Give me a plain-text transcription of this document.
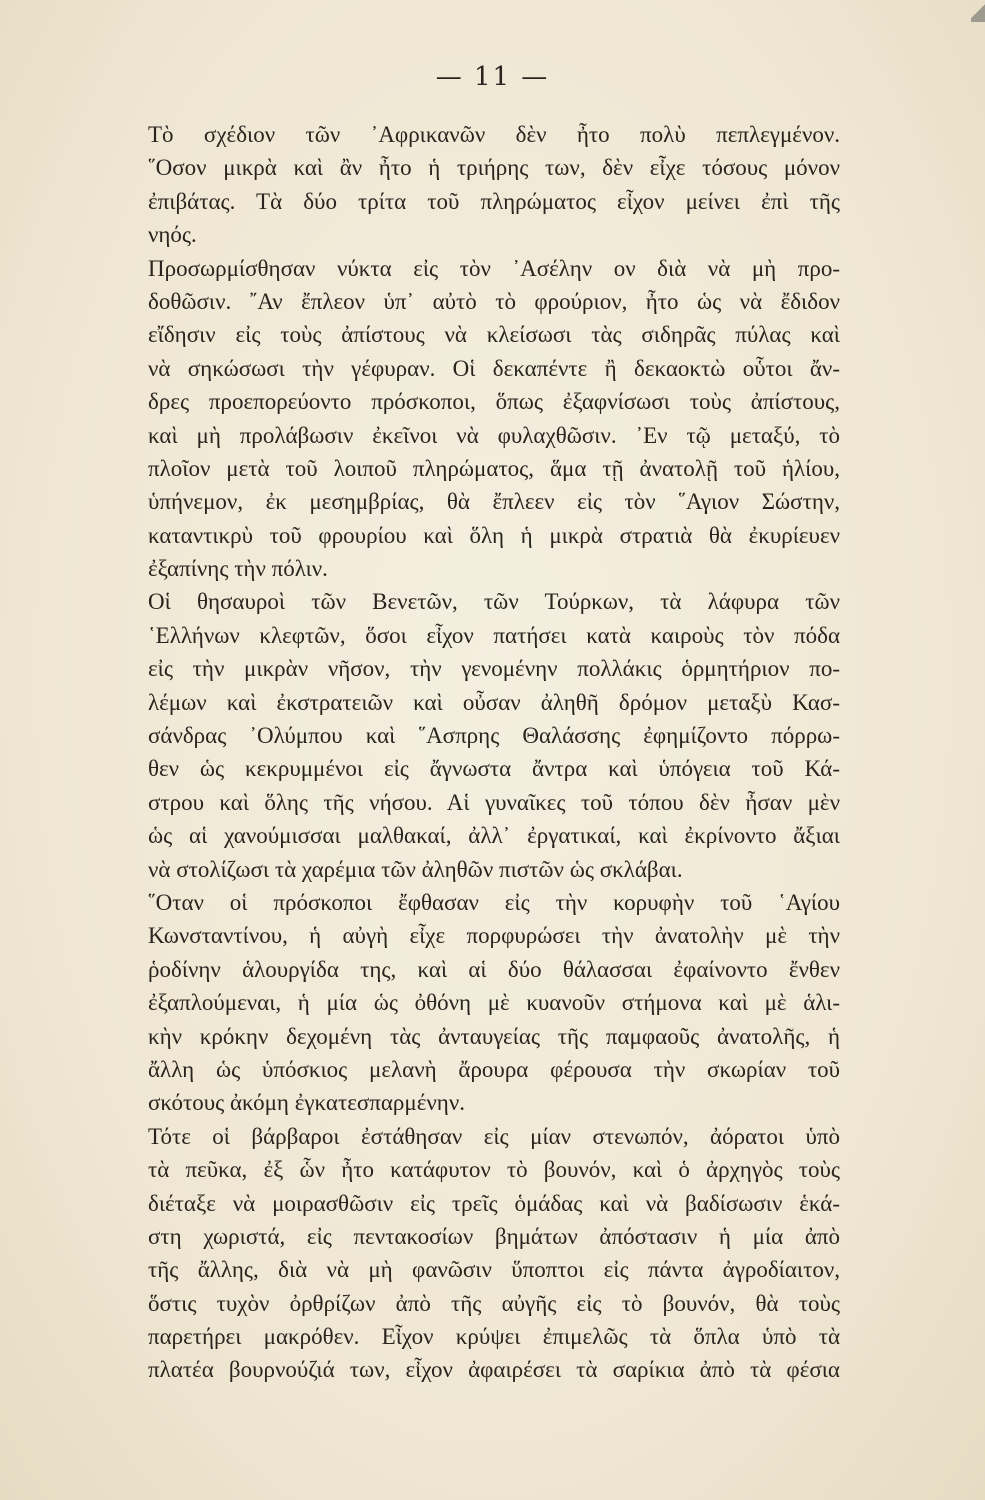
— 11 —
Τὸ σχέδιον τῶν ᾿Αφρικανῶν δὲν ἦτο πολὺ πεπλεγμένον.
῞Οσον μικρὰ καὶ ἂν ἦτο ἡ τριήρης των, δὲν εἶχε τόσους μόνον
ἐπιβάτας. Τὰ δύο τρίτα τοῦ πληρώματος εἶχον μείνει ἐπὶ τῆς
νηός.
Προσωρμίσθησαν νύκτα εἰς τὸν ᾿Ασέλην ον διὰ νὰ μὴ προ-
δοθῶσιν. ῎Αν ἔπλεον ὑπ᾿ αὐτὸ τὸ φρούριον, ἦτο ὡς νὰ ἔδιδον
εἴδησιν εἰς τοὺς ἀπίστους νὰ κλείσωσι τὰς σιδηρᾶς πύλας καὶ
νὰ σηκώσωσι τὴν γέφυραν. Οἱ δεκαπέντε ἢ δεκαοκτὼ οὗτοι ἄν-
δρες προεπορεύοντο πρόσκοποι, ὅπως ἐξαφνίσωσι τοὺς ἀπίστους,
καὶ μὴ προλάβωσιν ἐκεῖνοι νὰ φυλαχθῶσιν. ᾿Εν τῷ μεταξύ, τὸ
πλοῖον μετὰ τοῦ λοιποῦ πληρώματος, ἅμα τῇ ἀνατολῇ τοῦ ἡλίου,
ὑπήνεμον, ἐκ μεσημβρίας, θὰ ἔπλεεν εἰς τὸν ῞Αγιον Σώστην,
καταντικρὺ τοῦ φρουρίου καὶ ὅλη ἡ μικρὰ στρατιὰ θὰ ἐκυρίευεν
ἐξαπίνης τὴν πόλιν.
Οἱ θησαυροὶ τῶν Βενετῶν, τῶν Τούρκων, τὰ λάφυρα τῶν
῾Ελλήνων κλεφτῶν, ὅσοι εἶχον πατήσει κατὰ καιροὺς τὸν πόδα
εἰς τὴν μικρὰν νῆσον, τὴν γενομένην πολλάκις ὁρμητήριον πο-
λέμων καὶ ἐκστρατειῶν καὶ οὖσαν ἀληθῆ δρόμον μεταξὺ Κασ-
σάνδρας ᾿Ολύμπου καὶ ῞Ασπρης Θαλάσσης ἐφημίζοντο πόρρω-
θεν ὡς κεκρυμμένοι εἰς ἄγνωστα ἄντρα καὶ ὑπόγεια τοῦ Κά-
στρου καὶ ὅλης τῆς νήσου. Αἱ γυναῖκες τοῦ τόπου δὲν ἦσαν μὲν
ὡς αἱ χανούμισσαι μαλθακαί, ἀλλ᾿ ἐργατικαί, καὶ ἐκρίνοντο ἄξιαι
νὰ στολίζωσι τὰ χαρέμια τῶν ἀληθῶν πιστῶν ὡς σκλάβαι.
῞Οταν οἱ πρόσκοποι ἔφθασαν εἰς τὴν κορυφὴν τοῦ ῾Αγίου
Κωνσταντίνου, ἡ αὐγὴ εἶχε πορφυρώσει τὴν ἀνατολὴν μὲ τὴν
ῥοδίνην ἁλουργίδα της, καὶ αἱ δύο θάλασσαι ἐφαίνοντο ἔνθεν
ἐξαπλούμεναι, ἡ μία ὡς ὀθόνη μὲ κυανοῦν στήμονα καὶ μὲ ἁλι-
κὴν κρόκην δεχομένη τὰς ἀνταυγείας τῆς παμφαοῦς ἀνατολῆς, ἡ
ἄλλη ὡς ὑπόσκιος μελανὴ ἄρουρα φέρουσα τὴν σκωρίαν τοῦ
σκότους ἀκόμη ἐγκατεσπαρμένην.
Τότε οἱ βάρβαροι ἐστάθησαν εἰς μίαν στενωπόν, ἀόρατοι ὑπὸ
τὰ πεῦκα, ἐξ ὧν ἦτο κατάφυτον τὸ βουνόν, καὶ ὁ ἀρχηγὸς τοὺς
διέταξε νὰ μοιρασθῶσιν εἰς τρεῖς ὁμάδας καὶ νὰ βαδίσωσιν ἑκά-
στη χωριστά, εἰς πεντακοσίων βημάτων ἀπόστασιν ἡ μία ἀπὸ
τῆς ἄλλης, διὰ νὰ μὴ φανῶσιν ὕποπτοι εἰς πάντα ἀγροδίαιτον,
ὅστις τυχὸν ὀρθρίζων ἀπὸ τῆς αὐγῆς εἰς τὸ βουνόν, θὰ τοὺς
παρετήρει μακρόθεν. Εἶχον κρύψει ἐπιμελῶς τὰ ὅπλα ὑπὸ τὰ
πλατέα βουρνούζιά των, εἶχον ἀφαιρέσει τὰ σαρίκια ἀπὸ τὰ φέσια
